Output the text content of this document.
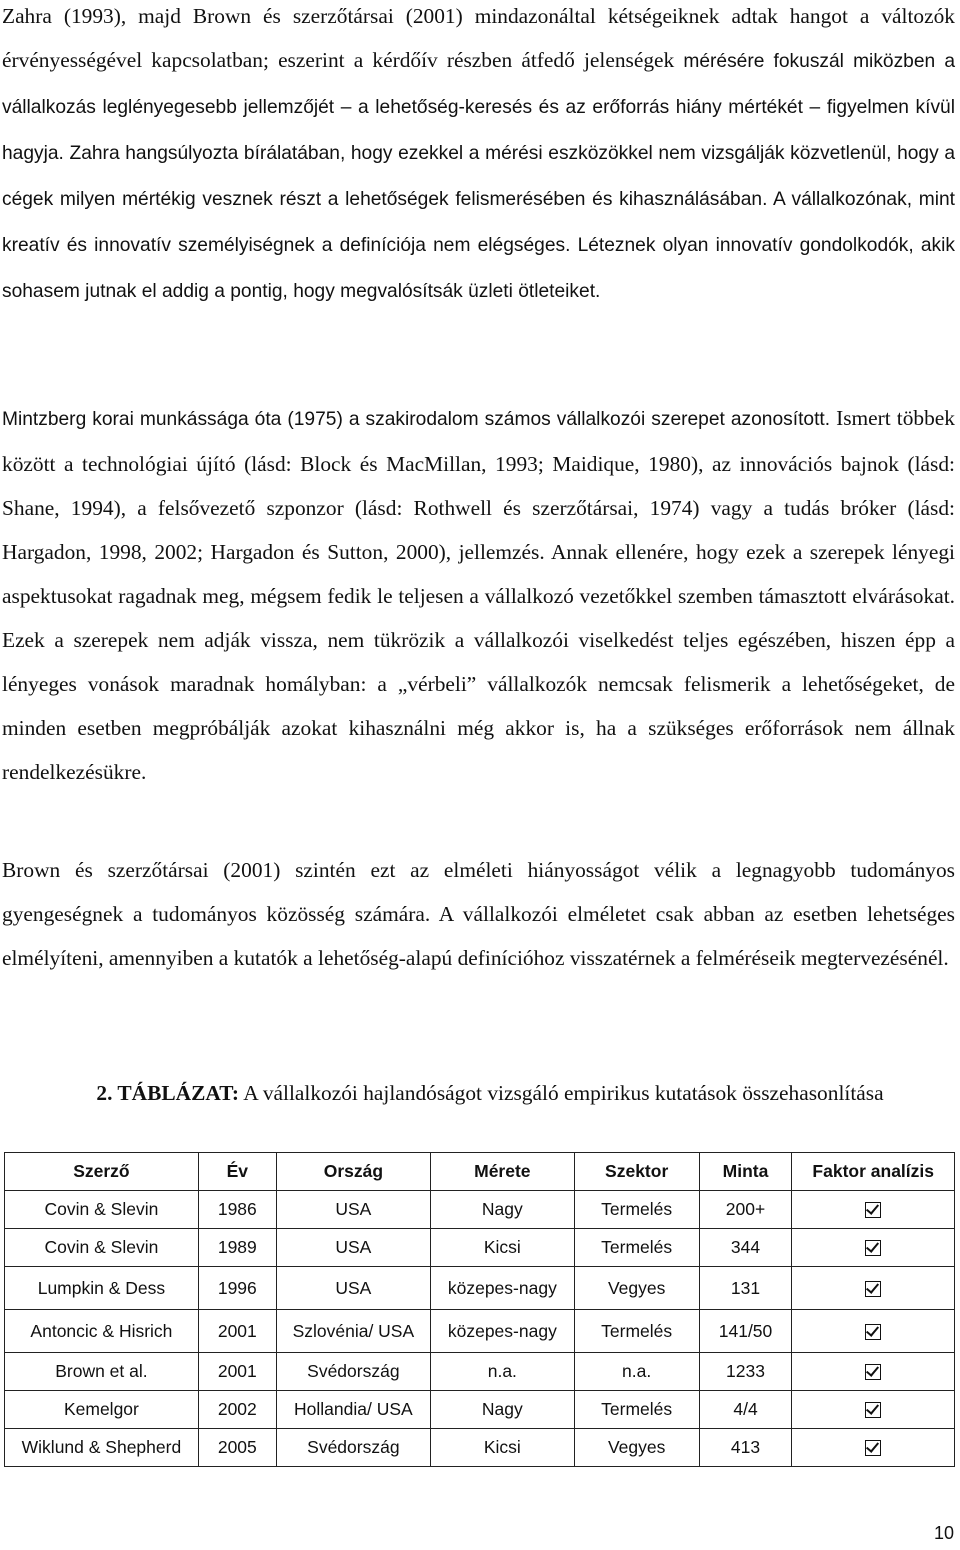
Zahra (1993), majd Brown és szerzőtársai (2001) mindazonáltal kétségeiknek adtak hangot a változók érvényességével kapcsolatban; eszerint a kérdőív részben átfedő jelenségek mérésére fokuszál miközben a vállalkozás leglényegesebb jellemzőjét – a lehetőség-keresés és az erőforrás hiány mértékét – figyelmen kívül hagyja. Zahra hangsúlyozta bírálatában, hogy ezekkel a mérési eszközökkel nem vizsgálják közvetlenül, hogy a cégek milyen mértékig vesznek részt a lehetőségek felismerésében és kihasználásában. A vállalkozónak, mint kreatív és innovatív személyiségnek a definíciója nem elégséges. Léteznek olyan innovatív gondolkodók, akik sohasem jutnak el addig a pontig, hogy megvalósítsák üzleti ötleteiket.

Mintzberg korai munkássága óta (1975) a szakirodalom számos vállalkozói szerepet azonosított. Ismert többek között a technológiai újító (lásd: Block és MacMillan, 1993; Maidique, 1980), az innovációs bajnok (lásd: Shane, 1994), a felsővezető szponzor (lásd: Rothwell és szerzőtársai, 1974) vagy a tudás bróker (lásd: Hargadon, 1998, 2002; Hargadon és Sutton, 2000), jellemzés. Annak ellenére, hogy ezek a szerepek lényegi aspektusokat ragadnak meg, mégsem fedik le teljesen a vállalkozó vezetőkkel szemben támasztott elvárásokat. Ezek a szerepek nem adják vissza, nem tükrözik a vállalkozói viselkedést teljes egészében, hiszen épp a lényeges vonások maradnak homályban: a „vérbeli” vállalkozók nemcsak felismerik a lehetőségeket, de minden esetben megpróbálják azokat kihasználni még akkor is, ha a szükséges erőforrások nem állnak rendelkezésükre.

Brown és szerzőtársai (2001) szintén ezt az elméleti hiányosságot vélik a legnagyobb tudományos gyengeségnek a tudományos közösség számára. A vállalkozói elméletet csak abban az esetben lehetséges elmélyíteni, amennyiben a kutatók a lehetőség-alapú definícióhoz visszatérnek a felméréseik megtervezésénél.

2. TÁBLÁZAT: A vállalkozói hajlandóságot vizsgáló empirikus kutatások összehasonlítása
Szerző	Év	Ország	Mérete	Szektor	Minta	Faktor analízis
Covin & Slevin	1986	USA	Nagy	Termelés	200+	
Covin & Slevin	1989	USA	Kicsi	Termelés	344	
Lumpkin & Dess	1996	USA	közepes-nagy	Vegyes	131	
Antoncic & Hisrich	2001	Szlovénia/ USA	közepes-nagy	Termelés	141/50	
Brown et al.	2001	Svédország	n.a.	n.a.	1233	
Kemelgor	2002	Hollandia/ USA	Nagy	Termelés	4/4	
Wiklund & Shepherd	2005	Svédország	Kicsi	Vegyes	413	
10
